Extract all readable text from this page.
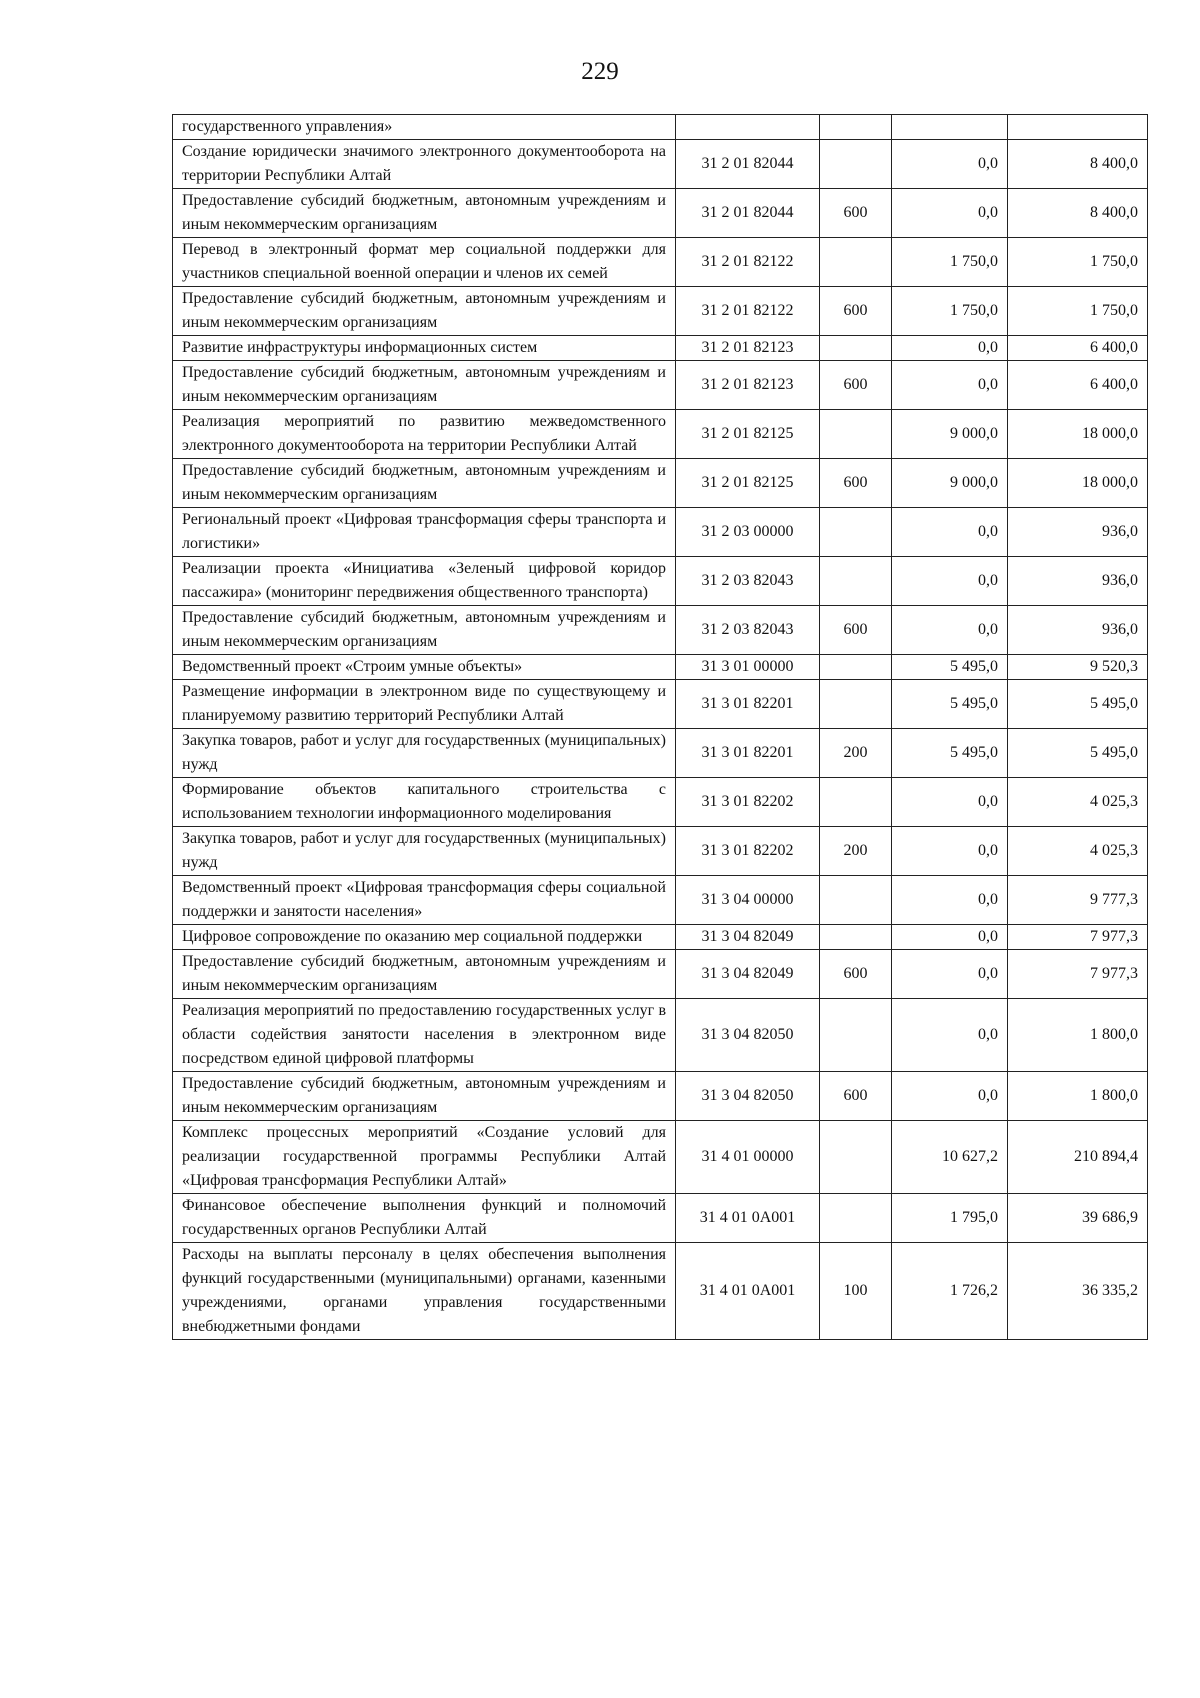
229
государственного управления»				
Создание юридически значимого электронного документооборота на территории Республики Алтай	31 2 01 82044		0,0	8 400,0
Предоставление субсидий бюджетным, автономным учреждениям и иным некоммерческим организациям	31 2 01 82044	600	0,0	8 400,0
Перевод в электронный формат мер социальной поддержки для участников специальной военной операции и членов их семей	31 2 01 82122		1 750,0	1 750,0
Предоставление субсидий бюджетным, автономным учреждениям и иным некоммерческим организациям	31 2 01 82122	600	1 750,0	1 750,0
Развитие инфраструктуры информационных систем	31 2 01 82123		0,0	6 400,0
Предоставление субсидий бюджетным, автономным учреждениям и иным некоммерческим организациям	31 2 01 82123	600	0,0	6 400,0
Реализация мероприятий по развитию межведомственного электронного документооборота на территории Республики Алтай	31 2 01 82125		9 000,0	18 000,0
Предоставление субсидий бюджетным, автономным учреждениям и иным некоммерческим организациям	31 2 01 82125	600	9 000,0	18 000,0
Региональный проект «Цифровая трансформация сферы транспорта и логистики»	31 2 03 00000		0,0	936,0
Реализации проекта «Инициатива «Зеленый цифровой коридор пассажира» (мониторинг передвижения общественного транспорта)	31 2 03 82043		0,0	936,0
Предоставление субсидий бюджетным, автономным учреждениям и иным некоммерческим организациям	31 2 03 82043	600	0,0	936,0
Ведомственный проект «Строим умные объекты»	31 3 01 00000		5 495,0	9 520,3
Размещение информации в электронном виде по существующему и планируемому развитию территорий Республики Алтай	31 3 01 82201		5 495,0	5 495,0
Закупка товаров, работ и услуг для государственных (муниципальных) нужд	31 3 01 82201	200	5 495,0	5 495,0
Формирование объектов капитального строительства с использованием технологии информационного моделирования	31 3 01 82202		0,0	4 025,3
Закупка товаров, работ и услуг для государственных (муниципальных) нужд	31 3 01 82202	200	0,0	4 025,3
Ведомственный проект «Цифровая трансформация сферы социальной поддержки и занятости населения»	31 3 04 00000		0,0	9 777,3
Цифровое сопровождение по оказанию мер социальной поддержки	31 3 04 82049		0,0	7 977,3
Предоставление субсидий бюджетным, автономным учреждениям и иным некоммерческим организациям	31 3 04 82049	600	0,0	7 977,3
Реализация мероприятий по предоставлению государственных услуг в области содействия занятости населения в электронном виде посредством единой цифровой платформы	31 3 04 82050		0,0	1 800,0
Предоставление субсидий бюджетным, автономным учреждениям и иным некоммерческим организациям	31 3 04 82050	600	0,0	1 800,0
Комплекс процессных мероприятий «Создание условий для реализации государственной программы Республики Алтай «Цифровая трансформация Республики Алтай»	31 4 01 00000		10 627,2	210 894,4
Финансовое обеспечение выполнения функций и полномочий государственных органов Республики Алтай	31 4 01 0A001		1 795,0	39 686,9
Расходы на выплаты персоналу в целях обеспечения выполнения функций государственными (муниципальными) органами, казенными учреждениями, органами управления государственными внебюджетными фондами	31 4 01 0A001	100	1 726,2	36 335,2
